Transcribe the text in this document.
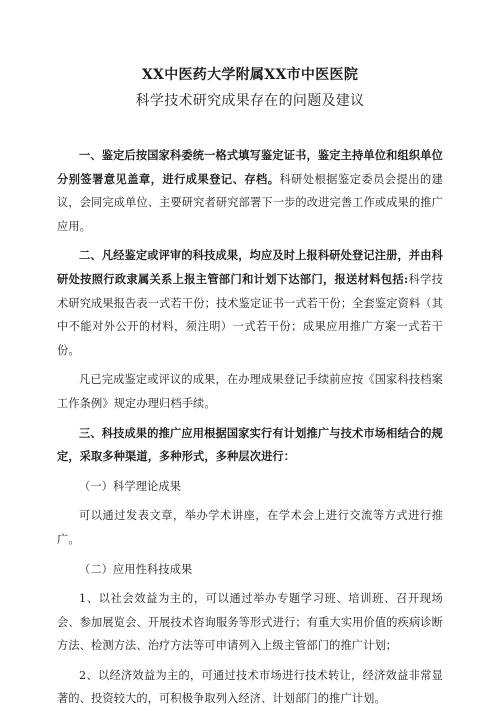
XX中医药大学附属XX市中医医院
科学技术研究成果存在的问题及建议

一、鉴定后按国家科委统一格式填写鉴定证书，鉴定主持单位和组织单位分别签署意见盖章，进行成果登记、存档。科研处根据鉴定委员会提出的建议，会同完成单位、主要研究者研究部署下一步的改进完善工作或成果的推广应用。

二、凡经鉴定或评审的科技成果，均应及时上报科研处登记注册，并由科研处按照行政隶属关系上报主管部门和计划下达部门，报送材料包括:科学技术研究成果报告表一式若干份；技术鉴定证书一式若干份；全套鉴定资料（其中不能对外公开的材料，须注明）一式若干份；成果应用推广方案一式若干份。

凡已完成鉴定或评议的成果，在办理成果登记手续前应按《国家科技档案工作条例》规定办理归档手续。

三、科技成果的推广应用根据国家实行有计划推广与技术市场相结合的规定，采取多种渠道，多种形式，多种层次进行：

（一）科学理论成果

可以通过发表文章，举办学术讲座，在学术会上进行交流等方式进行推广。

（二）应用性科技成果

1、以社会效益为主的，可以通过举办专题学习班、培训班、召开现场会、参加展览会、开展技术咨询服务等形式进行；有重大实用价值的疾病诊断方法、检测方法、治疗方法等可申请列入上级主管部门的推广计划；

2、以经济效益为主的，可通过技术市场进行技术转让，经济效益非常显著的、投资较大的，可积极争取列入经济、计划部门的推广计划。
